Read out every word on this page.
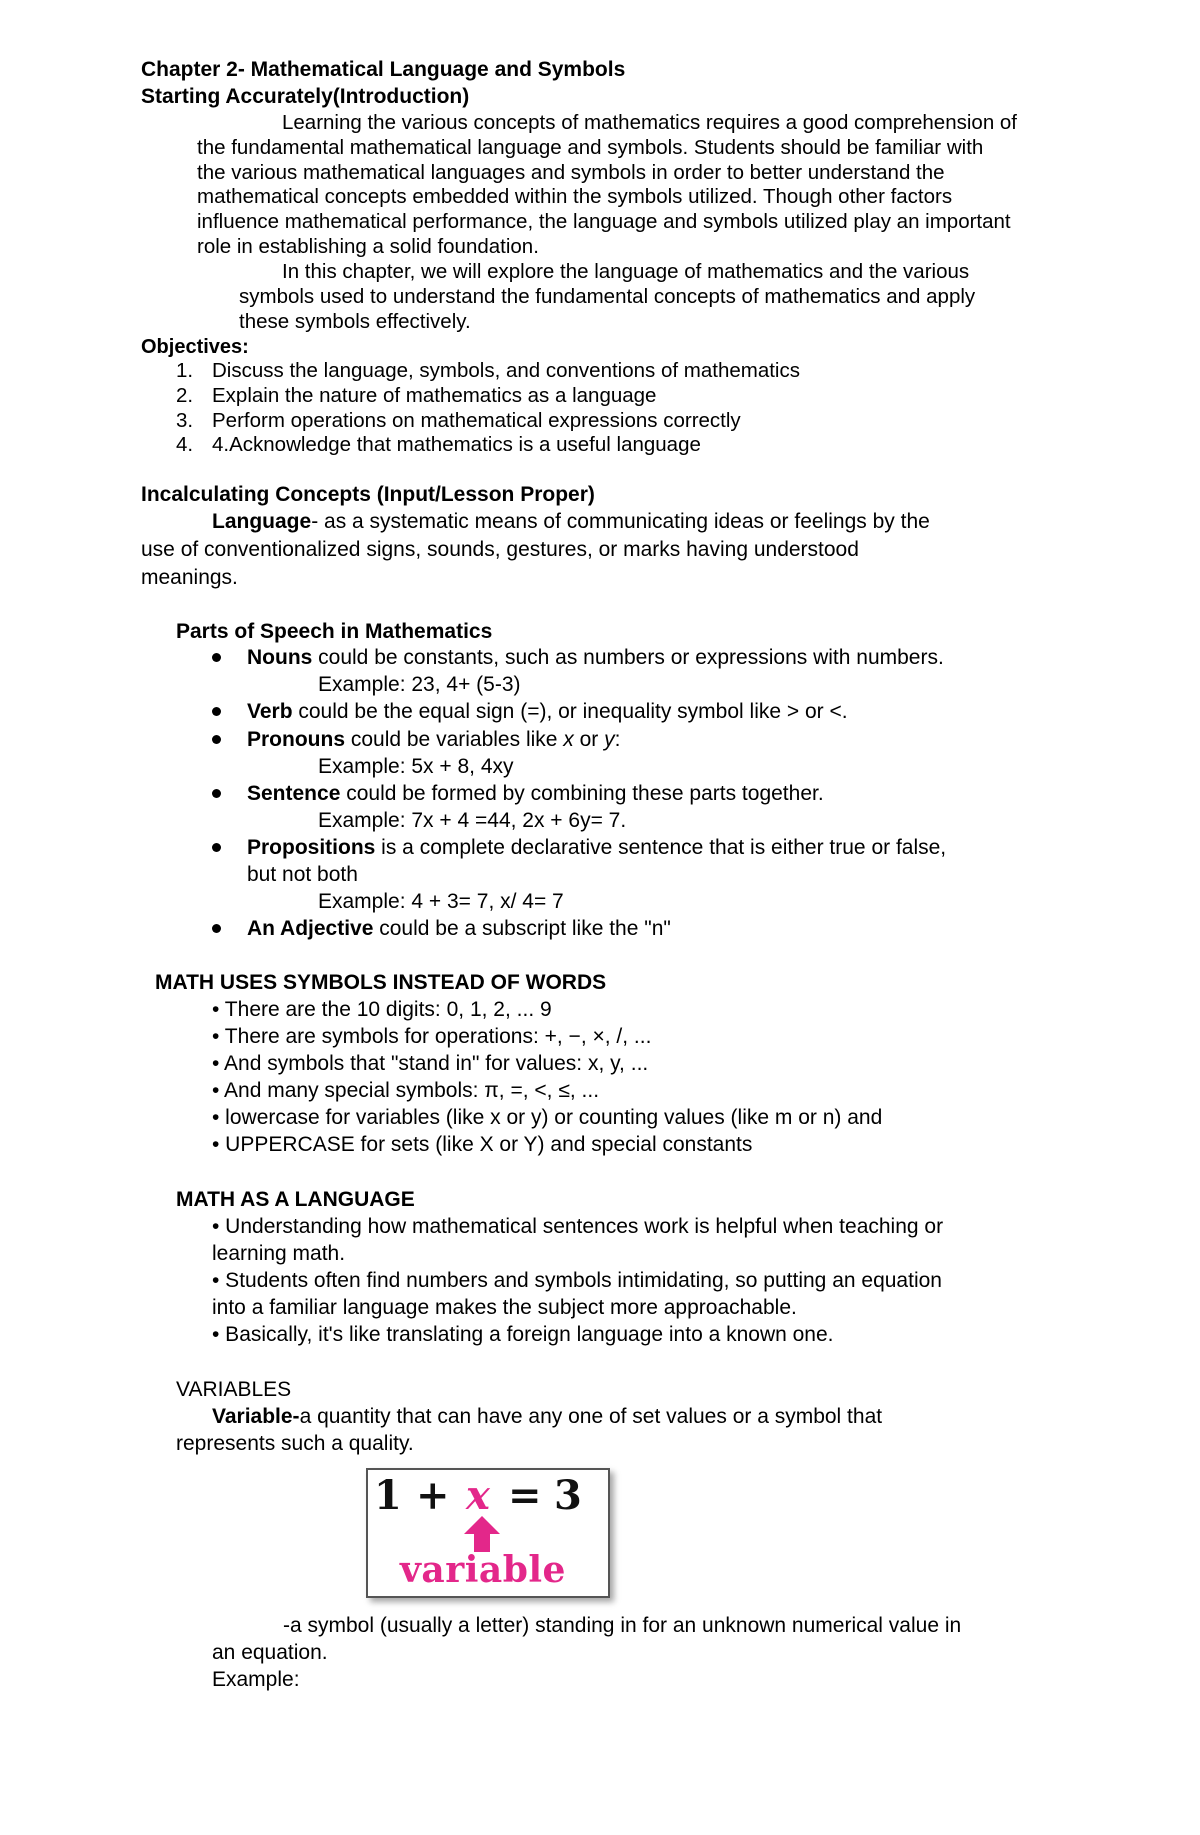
Chapter 2- Mathematical Language and Symbols
Starting Accurately(Introduction)
Learning the various concepts of mathematics requires a good comprehension of
the fundamental mathematical language and symbols. Students should be familiar with
the various mathematical languages and symbols in order to better understand the
mathematical concepts embedded within the symbols utilized. Though other factors
influence mathematical performance, the language and symbols utilized play an important
role in establishing a solid foundation.
In this chapter, we will explore the language of mathematics and the various
symbols used to understand the fundamental concepts of mathematics and apply
these symbols effectively.
Objectives:
1. Discuss the language, symbols, and conventions of mathematics
2. Explain the nature of mathematics as a language
3. Perform operations on mathematical expressions correctly
4. 4.Acknowledge that mathematics is a useful language
Incalculating Concepts (Input/Lesson Proper)
Language- as a systematic means of communicating ideas or feelings by the
use of conventionalized signs, sounds, gestures, or marks having understood
meanings.
Parts of Speech in Mathematics
Nouns could be constants, such as numbers or expressions with numbers.
Example: 23, 4+ (5-3)
Verb could be the equal sign (=), or inequality symbol like > or <.
Pronouns could be variables like x or y:
Example: 5x + 8, 4xy
Sentence could be formed by combining these parts together.
Example: 7x + 4 =44, 2x + 6y= 7.
Propositions is a complete declarative sentence that is either true or false,
but not both
Example: 4 + 3= 7, x/ 4= 7
An Adjective could be a subscript like the "n"
MATH USES SYMBOLS INSTEAD OF WORDS
• There are the 10 digits: 0, 1, 2, ... 9
• There are symbols for operations: +, −, ×, /, ...
• And symbols that "stand in" for values: x, y, ...
• And many special symbols: π, =, <, ≤, ...
• lowercase for variables (like x or y) or counting values (like m or n) and
• UPPERCASE for sets (like X or Y) and special constants
MATH AS A LANGUAGE
• Understanding how mathematical sentences work is helpful when teaching or
learning math.
• Students often find numbers and symbols intimidating, so putting an equation
into a familiar language makes the subject more approachable.
• Basically, it's like translating a foreign language into a known one.
VARIABLES
Variable-a quantity that can have any one of set values or a symbol that
represents such a quality.
1 + x = 3
variable
-a symbol (usually a letter) standing in for an unknown numerical value in
an equation.
Example:
